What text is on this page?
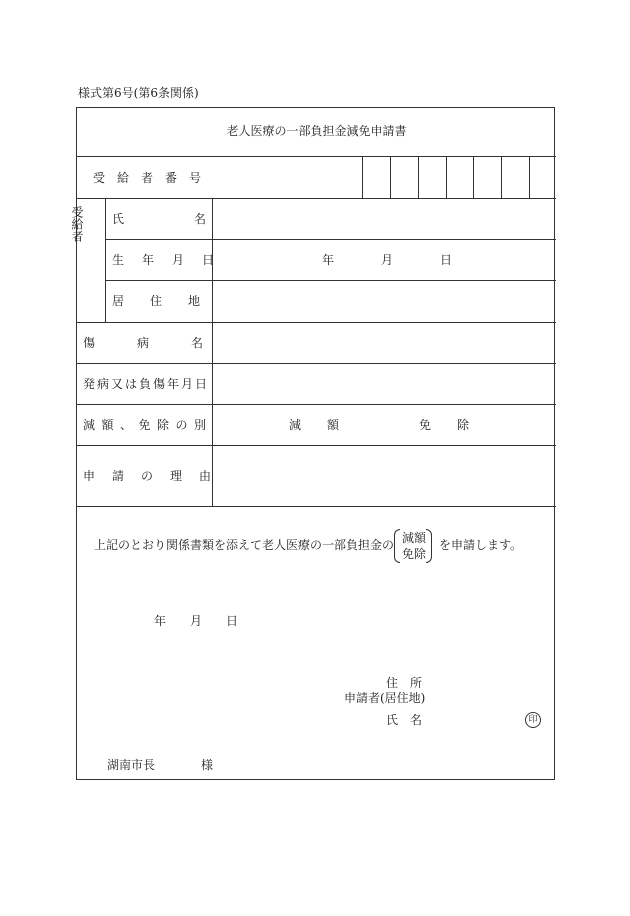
様式第6号(第6条関係)
老人医療の一部負担金減免申請書
受給者番号
受給者	氏	名
生年月日	年	月	日
居住地
傷病名
発病又は負傷年月日
減額、免除の別	減額	免除
申請の理由
上記のとおり関係書類を添えて老人医療の一部負担金の 減額
免除
を申請します。
年 月 日
住所
申請者(居住地)
氏名	印
湖南市長	様
